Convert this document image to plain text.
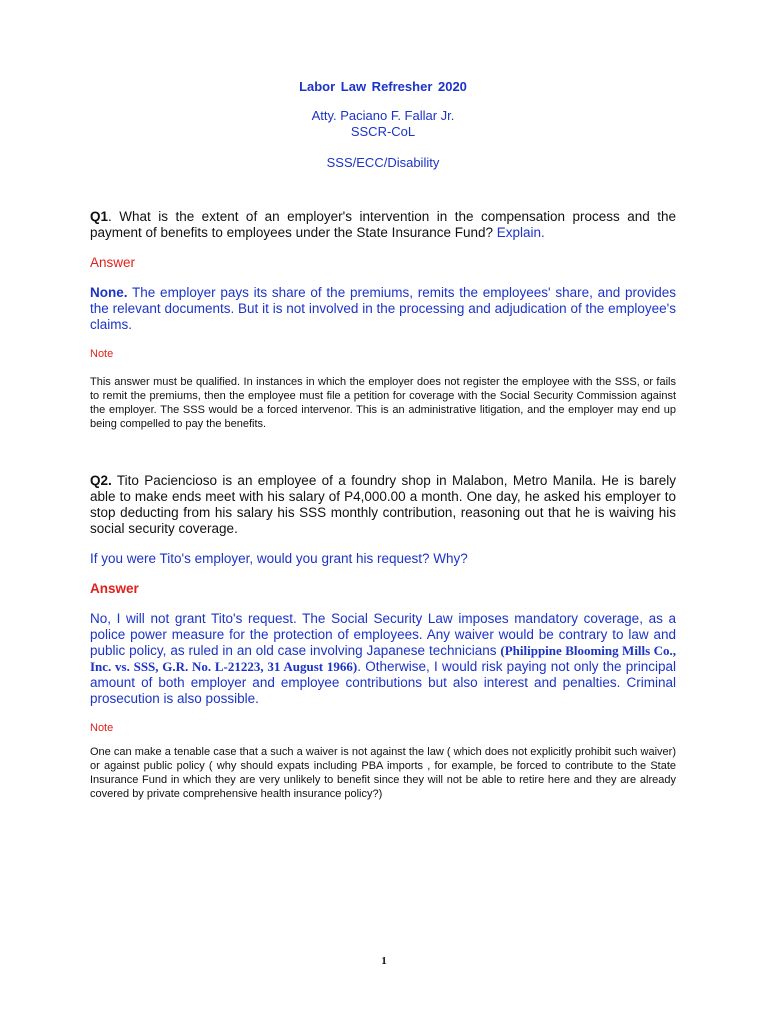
Labor Law Refresher 2020

Atty. Paciano F. Fallar Jr.
SSCR-CoL
SSS/ECC/Disability

Q1. What is the extent of an employer's intervention in the compensation process and the payment of benefits to employees under the State Insurance Fund? Explain.

Answer

None. The employer pays its share of the premiums, remits the employees' share, and provides the relevant documents. But it is not involved in the processing and adjudication of the employee's claims.

Note

This answer must be qualified. In instances in which the employer does not register the employee with the SSS, or fails to remit the premiums, then the employee must file a petition for coverage with the Social Security Commission against the employer. The SSS would be a forced intervenor. This is an administrative litigation, and the employer may end up being compelled to pay the benefits.

Q2. Tito Paciencioso is an employee of a foundry shop in Malabon, Metro Manila. He is barely able to make ends meet with his salary of P4,000.00 a month. One day, he asked his employer to stop deducting from his salary his SSS monthly contribution, reasoning out that he is waiving his social security coverage.

If you were Tito's employer, would you grant his request? Why?

Answer

No, I will not grant Tito's request. The Social Security Law imposes mandatory coverage, as a police power measure for the protection of employees. Any waiver would be contrary to law and public policy, as ruled in an old case involving Japanese technicians (Philippine Blooming Mills Co., Inc. vs. SSS, G.R. No. L-21223, 31 August 1966). Otherwise, I would risk paying not only the principal amount of both employer and employee contributions but also interest and penalties. Criminal prosecution is also possible.

Note

One can make a tenable case that a such a waiver is not against the law ( which does not explicitly prohibit such waiver) or against public policy ( why should expats including PBA imports , for example, be forced to contribute to the State Insurance Fund in which they are very unlikely to benefit since they will not be able to retire here and they are already covered by private comprehensive health insurance policy?)

1
